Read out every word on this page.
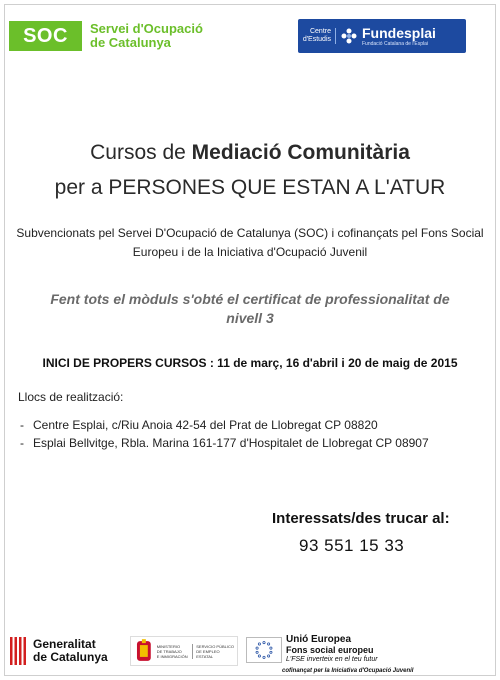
SOC	Servei d'Ocupació
de Catalunya
Centre
d'Estudis Fundesplai
Fundació Catalana de l'Esplai
Cursos de Mediació Comunitària
per a PERSONES QUE ESTAN A L'ATUR
Subvencionats pel Servei D'Ocupació de Catalunya (SOC) i cofinançats pel Fons Social
Europeu i de la Iniciativa d'Ocupació Juvenil
Fent tots el mòduls s'obté el certificat de professionalitat de
nivell 3
INICI DE PROPERS CURSOS : 11 de març, 16 d'abril i 20 de maig de 2015
Llocs de realització:
- Centre Esplai, c/Riu Anoia 42-54 del Prat de Llobregat CP 08820
- Esplai Bellvitge, Rbla. Marina 161-177 d'Hospitalet de Llobregat CP 08907
Interessats/des trucar al:
93 551 15 33
Generalitat
de Catalunya
MINISTERIO
DE TRABAJO
E INMIGRACIÓN
SERVICIO PÚBLICO
DE EMPLEO ESTATAL
Unió Europea
Fons social europeu
L'FSE inverteix en el teu futur
cofinançat per la Iniciativa d'Ocupació Juvenil
